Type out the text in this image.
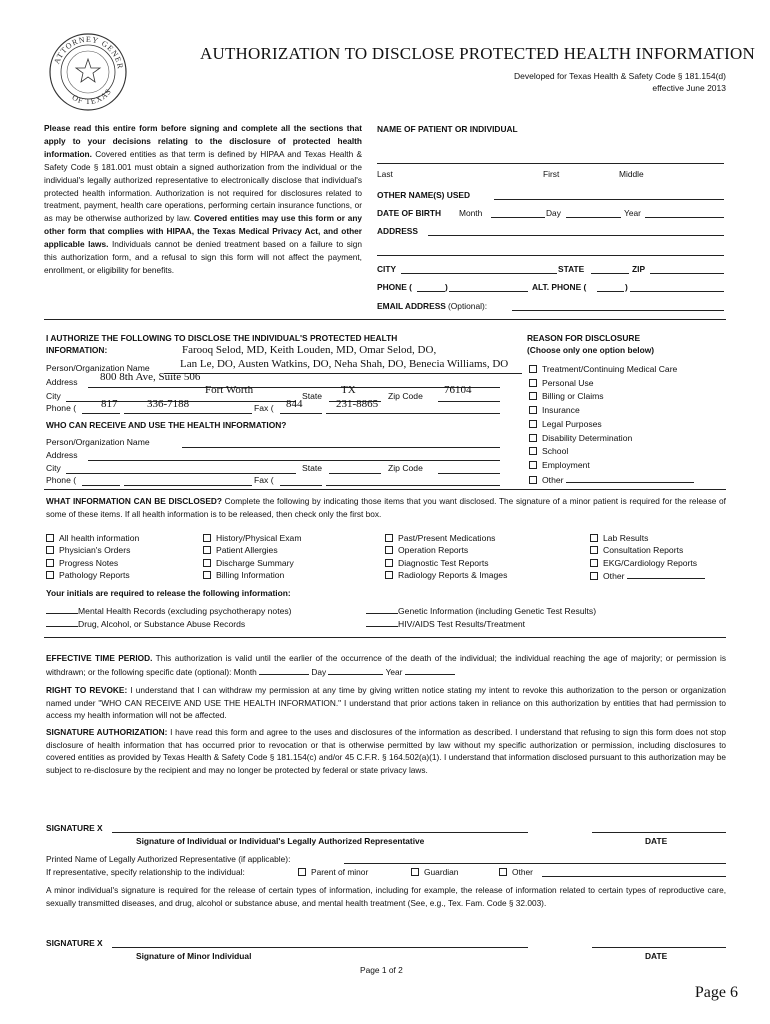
ATTORNEY GENER
OF TEXAS
AUTHORIZATION TO DISCLOSE PROTECTED HEALTH INFORMATION
Developed for Texas Health & Safety Code § 181.154(d)
effective June 2013
Please read this entire form before signing and complete all the sections that apply to your decisions relating to the disclosure of protected health information. Covered entities as that term is defined by HIPAA and Texas Health & Safety Code § 181.001 must obtain a signed authorization from the individual or the individual's legally authorized representative to electronically disclose that individual's protected health information. Authorization is not required for disclosures related to treatment, payment, health care operations, performing certain insurance functions, or as may be otherwise authorized by law. Covered entities may use this form or any other form that complies with HIPAA, the Texas Medical Privacy Act, and other applicable laws. Individuals cannot be denied treatment based on a failure to sign this authorization form, and a refusal to sign this form will not affect the payment, enrollment, or eligibility for benefits.
NAME OF PATIENT OR INDIVIDUAL
Last	First	Middle
OTHER NAME(S) USED
DATE OF BIRTH Month	Day	Year
ADDRESS
CITY	STATE	ZIP
PHONE (	)	ALT. PHONE (	)
EMAIL ADDRESS (Optional):
I AUTHORIZE THE FOLLOWING TO DISCLOSE THE INDIVIDUAL'S PROTECTED HEALTH
INFORMATION:	Farooq Selod, MD, Keith Louden, MD, Omar Selod, DO,
Lan Le, DO, Austen Watkins, DO, Neha Shah, DO, Benecia Williams, DO
Person/Organization Name
Address 800 8th Ave, Suite 506
City	Fort Worth	State TX	Zip Code 76104
Phone ( 817	336-7188	Fax ( 844	231-8865
WHO CAN RECEIVE AND USE THE HEALTH INFORMATION?
Person/Organization Name
Address
City	State	Zip Code
Phone (	Fax (
REASON FOR DISCLOSURE
(Choose only one option below)
Treatment/Continuing Medical Care
Personal Use
Billing or Claims
Insurance
Legal Purposes
Disability Determination
School
Employment
Other
WHAT INFORMATION CAN BE DISCLOSED? Complete the following by indicating those items that you want disclosed. The signature of a minor patient is required for the release of some of these items. If all health information is to be released, then check only the first box.
All health information
Physician's Orders
Progress Notes
Pathology Reports
History/Physical Exam
Patient Allergies
Discharge Summary
Billing Information
Past/Present Medications
Operation Reports
Diagnostic Test Reports
Radiology Reports & Images
Lab Results
Consultation Reports
EKG/Cardiology Reports
Other
Your initials are required to release the following information:
Mental Health Records (excluding psychotherapy notes)
Drug, Alcohol, or Substance Abuse Records
Genetic Information (including Genetic Test Results)
HIV/AIDS Test Results/Treatment
EFFECTIVE TIME PERIOD. This authorization is valid until the earlier of the occurrence of the death of the individual; the individual reaching the age of majority; or permission is withdrawn; or the following specific date (optional): Month	Day	Year
RIGHT TO REVOKE: I understand that I can withdraw my permission at any time by giving written notice stating my intent to revoke this authorization to the person or organization named under "WHO CAN RECEIVE AND USE THE HEALTH INFORMATION." I understand that prior actions taken in reliance on this authorization by entities that had permission to access my health information will not be affected.
SIGNATURE AUTHORIZATION: I have read this form and agree to the uses and disclosures of the information as described. I understand that refusing to sign this form does not stop disclosure of health information that has occurred prior to revocation or that is otherwise permitted by law without my specific authorization or permission, including disclosures to covered entities as provided by Texas Health & Safety Code § 181.154(c) and/or 45 C.F.R. § 164.502(a)(1). I understand that information disclosed pursuant to this authorization may be subject to re-disclosure by the recipient and may no longer be protected by federal or state privacy laws.
SIGNATURE X
Signature of Individual or Individual's Legally Authorized Representative	DATE
Printed Name of Legally Authorized Representative (if applicable):
If representative, specify relationship to the individual:	Parent of minor	Guardian	Other
A minor individual's signature is required for the release of certain types of information, including for example, the release of information related to certain types of reproductive care, sexually transmitted diseases, and drug, alcohol or substance abuse, and mental health treatment (See, e.g., Tex. Fam. Code § 32.003).
SIGNATURE X
Signature of Minor Individual	DATE
Page 1 of 2
Page 6
